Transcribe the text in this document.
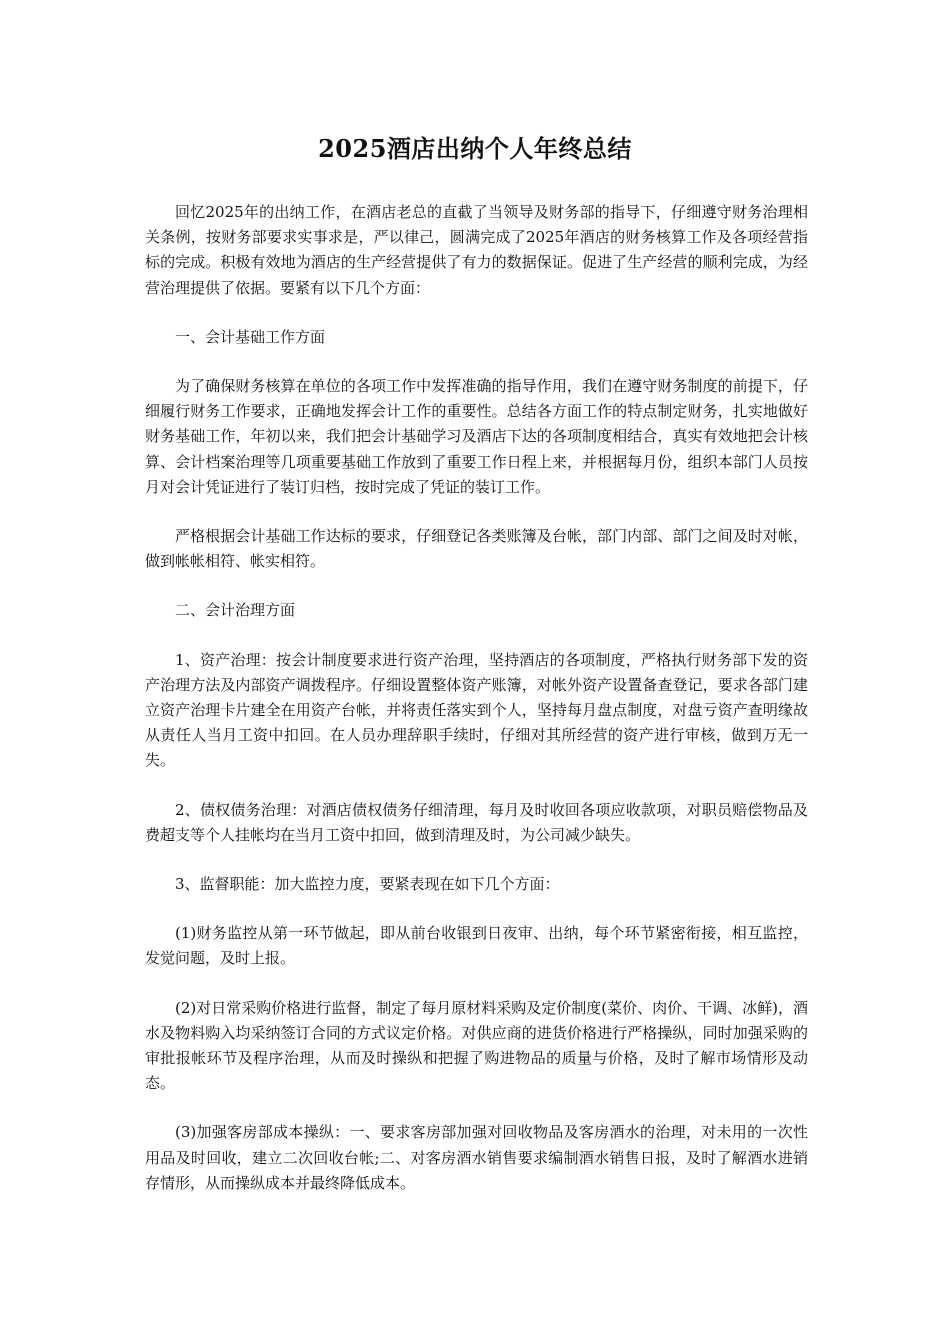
2025酒店出纳个人年终总结

回忆2025年的出纳工作，在酒店老总的直截了当领导及财务部的指导下，仔细遵守财务治理相关条例，按财务部要求实事求是，严以律己，圆满完成了2025年酒店的财务核算工作及各项经营指标的完成。积极有效地为酒店的生产经营提供了有力的数据保证。促进了生产经营的顺利完成，为经营治理提供了依据。要紧有以下几个方面：

一、会计基础工作方面

为了确保财务核算在单位的各项工作中发挥准确的指导作用，我们在遵守财务制度的前提下，仔细履行财务工作要求，正确地发挥会计工作的重要性。总结各方面工作的特点制定财务，扎实地做好财务基础工作，年初以来，我们把会计基础学习及酒店下达的各项制度相结合，真实有效地把会计核算、会计档案治理等几项重要基础工作放到了重要工作日程上来，并根据每月份，组织本部门人员按月对会计凭证进行了装订归档，按时完成了凭证的装订工作。

严格根据会计基础工作达标的要求，仔细登记各类账簿及台帐，部门内部、部门之间及时对帐，做到帐帐相符、帐实相符。

二、会计治理方面

1、资产治理：按会计制度要求进行资产治理，坚持酒店的各项制度，严格执行财务部下发的资产治理方法及内部资产调拨程序。仔细设置整体资产账簿，对帐外资产设置备查登记，要求各部门建立资产治理卡片建全在用资产台帐，并将责任落实到个人，坚持每月盘点制度，对盘亏资产查明缘故从责任人当月工资中扣回。在人员办理辞职手续时，仔细对其所经营的资产进行审核，做到万无一失。

2、债权债务治理：对酒店债权债务仔细清理，每月及时收回各项应收款项，对职员赔偿物品及　费超支等个人挂帐均在当月工资中扣回，做到清理及时，为公司减少缺失。

3、监督职能：加大监控力度，要紧表现在如下几个方面：

(1)财务监控从第一环节做起，即从前台收银到日夜审、出纳，每个环节紧密衔接，相互监控，发觉问题，及时上报。

(2)对日常采购价格进行监督，制定了每月原材料采购及定价制度(菜价、肉价、干调、冰鲜)，酒水及物料购入均采纳签订合同的方式议定价格。对供应商的进货价格进行严格操纵，同时加强采购的审批报帐环节及程序治理，从而及时操纵和把握了购进物品的质量与价格，及时了解市场情形及动态。

(3)加强客房部成本操纵：一、要求客房部加强对回收物品及客房酒水的治理，对未用的一次性用品及时回收，建立二次回收台帐;二、对客房酒水销售要求编制酒水销售日报，及时了解酒水进销存情形，从而操纵成本并最终降低成本。
